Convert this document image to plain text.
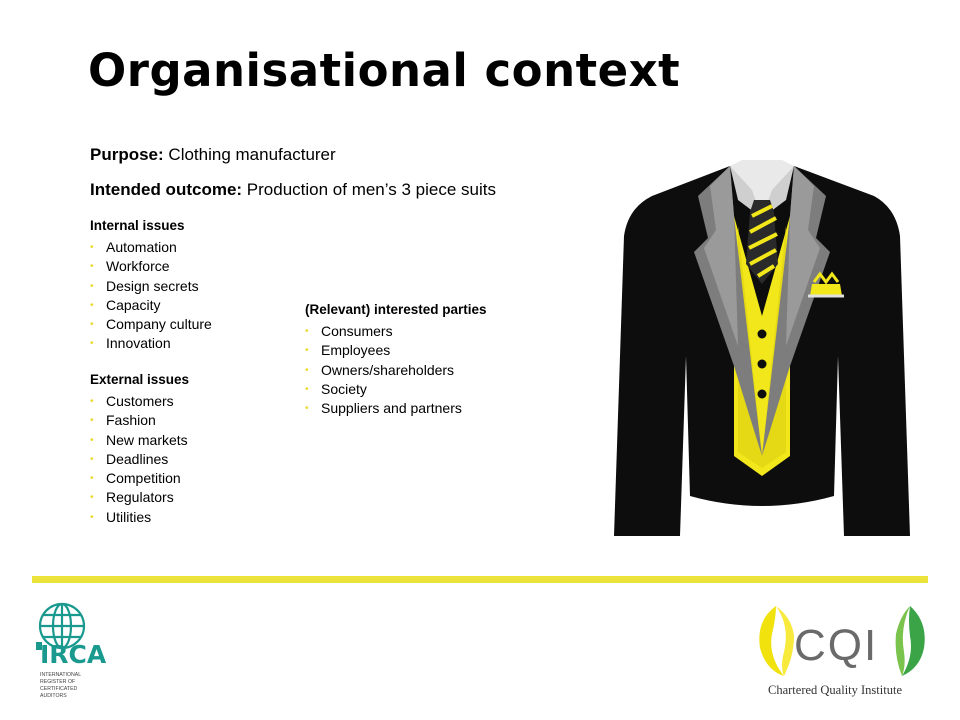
Organisational context
Purpose: Clothing manufacturer
Intended outcome: Production of men’s 3 piece suits
Internal issues
• Automation
• Workforce
• Design secrets
• Capacity
• Company culture
• Innovation
External issues
• Customers
• Fashion
• New markets
• Deadlines
• Competition
• Regulators
• Utilities
(Relevant) interested parties
• Consumers
• Employees
• Owners/shareholders
• Society
• Suppliers and partners
IRCA
INTERNATIONAL
REGISTER OF
CERTIFICATED
AUDITORS
CQI
Chartered Quality Institute
